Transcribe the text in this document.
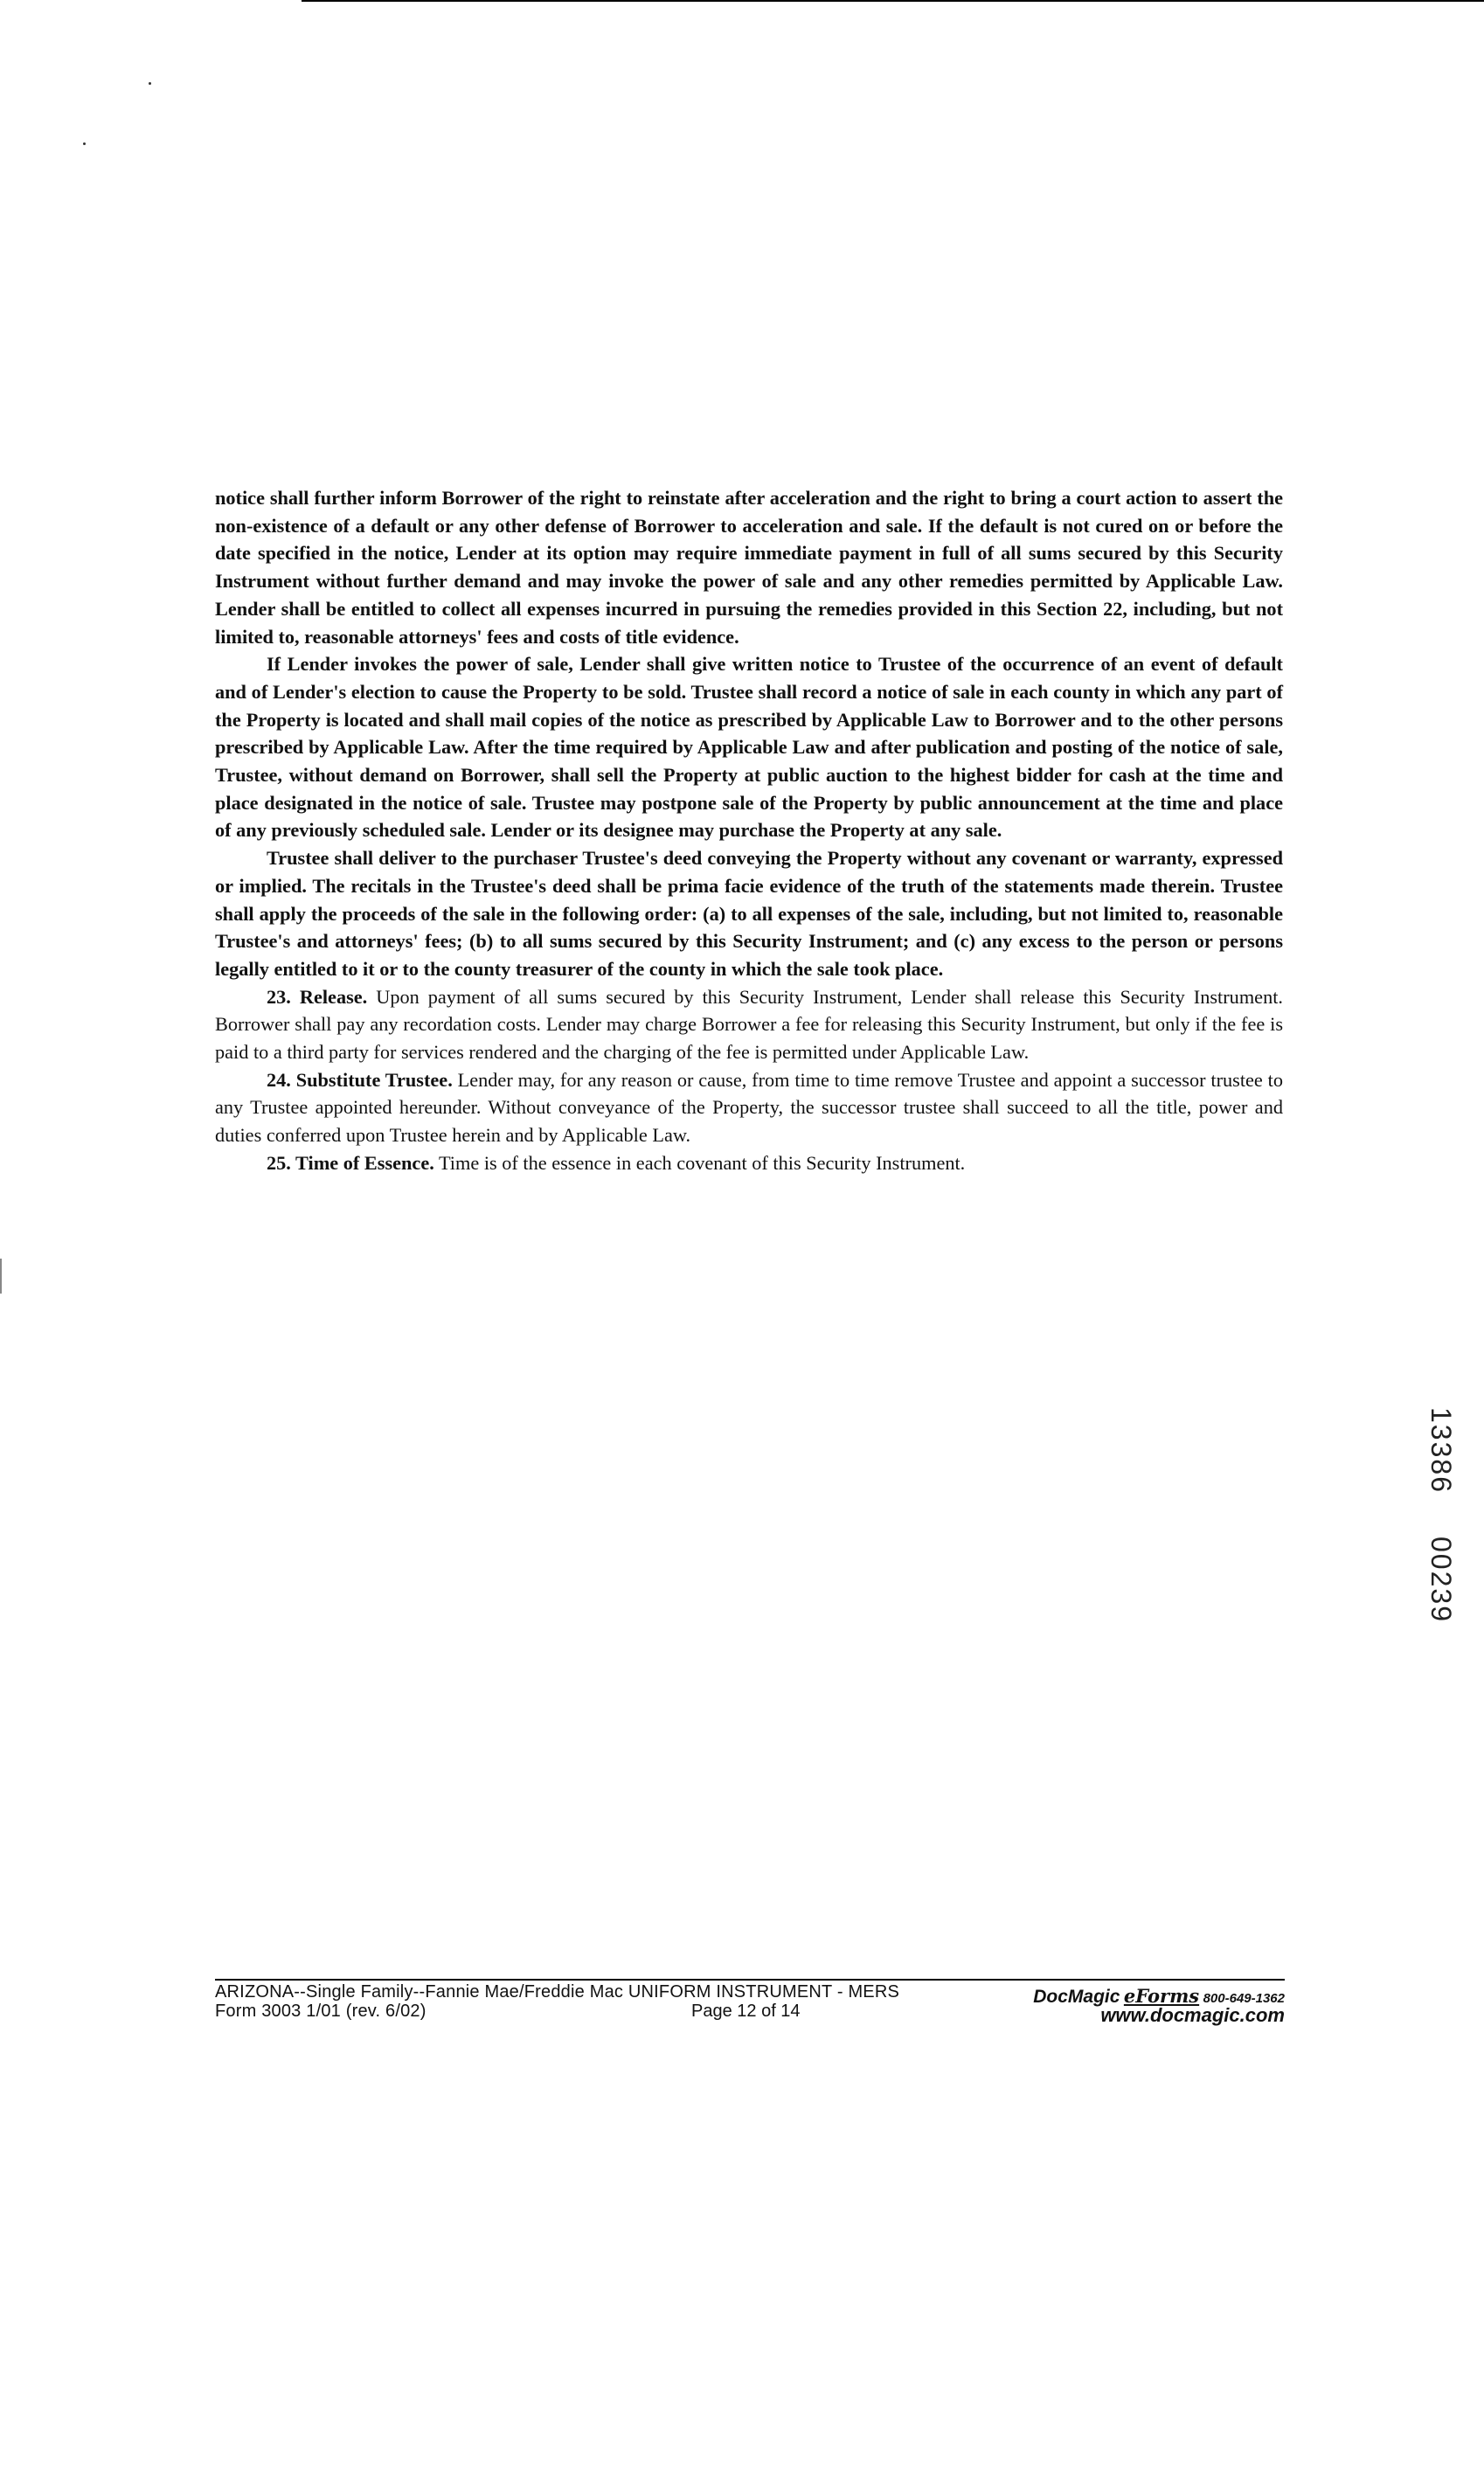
notice shall further inform Borrower of the right to reinstate after acceleration and the right to bring a court action to assert the non-existence of a default or any other defense of Borrower to acceleration and sale. If the default is not cured on or before the date specified in the notice, Lender at its option may require immediate payment in full of all sums secured by this Security Instrument without further demand and may invoke the power of sale and any other remedies permitted by Applicable Law. Lender shall be entitled to collect all expenses incurred in pursuing the remedies provided in this Section 22, including, but not limited to, reasonable attorneys' fees and costs of title evidence.

If Lender invokes the power of sale, Lender shall give written notice to Trustee of the occurrence of an event of default and of Lender's election to cause the Property to be sold. Trustee shall record a notice of sale in each county in which any part of the Property is located and shall mail copies of the notice as prescribed by Applicable Law to Borrower and to the other persons prescribed by Applicable Law. After the time required by Applicable Law and after publication and posting of the notice of sale, Trustee, without demand on Borrower, shall sell the Property at public auction to the highest bidder for cash at the time and place designated in the notice of sale. Trustee may postpone sale of the Property by public announcement at the time and place of any previously scheduled sale. Lender or its designee may purchase the Property at any sale.

Trustee shall deliver to the purchaser Trustee's deed conveying the Property without any covenant or warranty, expressed or implied. The recitals in the Trustee's deed shall be prima facie evidence of the truth of the statements made therein. Trustee shall apply the proceeds of the sale in the following order: (a) to all expenses of the sale, including, but not limited to, reasonable Trustee's and attorneys' fees; (b) to all sums secured by this Security Instrument; and (c) any excess to the person or persons legally entitled to it or to the county treasurer of the county in which the sale took place.

23. Release. Upon payment of all sums secured by this Security Instrument, Lender shall release this Security Instrument. Borrower shall pay any recordation costs. Lender may charge Borrower a fee for releasing this Security Instrument, but only if the fee is paid to a third party for services rendered and the charging of the fee is permitted under Applicable Law.

24. Substitute Trustee. Lender may, for any reason or cause, from time to time remove Trustee and appoint a successor trustee to any Trustee appointed hereunder. Without conveyance of the Property, the successor trustee shall succeed to all the title, power and duties conferred upon Trustee herein and by Applicable Law.

25. Time of Essence. Time is of the essence in each covenant of this Security Instrument.

ARIZONA--Single Family--Fannie Mae/Freddie Mac UNIFORM INSTRUMENT - MERS	DocMagic eForms 800-649-1362
Form 3003 1/01 (rev. 6/02)	Page 12 of 14	www.docmagic.com
13386 00239
